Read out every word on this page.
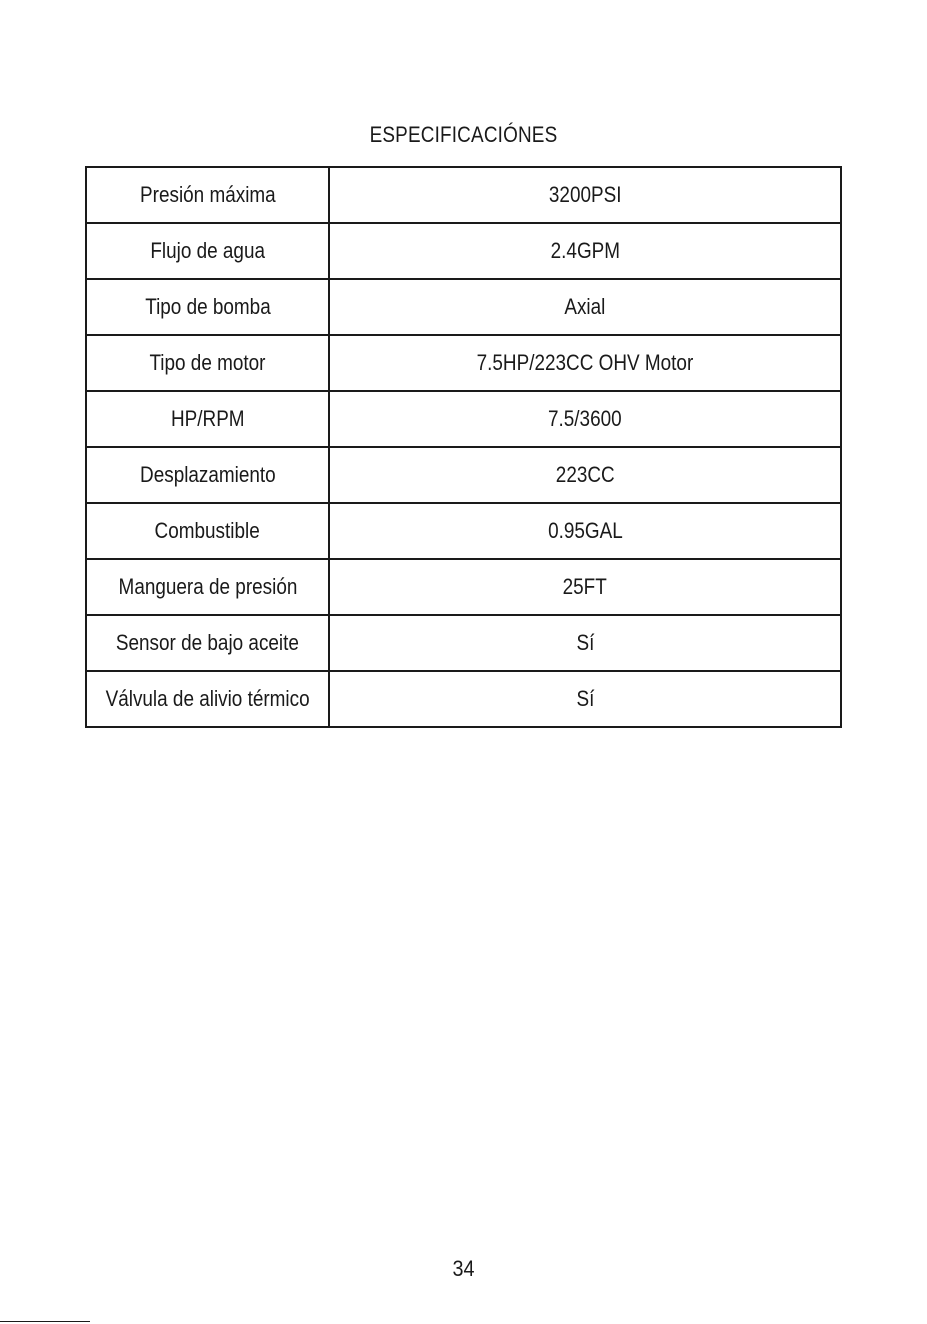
ESPECIFICACIÓNES
Presión máxima	3200PSI
Flujo de agua	2.4GPM
Tipo de bomba	Axial
Tipo de motor	7.5HP/223CC OHV Motor
HP/RPM	7.5/3600
Desplazamiento	223CC
Combustible	0.95GAL
Manguera de presión	25FT
Sensor de bajo aceite	Sí
Válvula de alivio térmico	Sí
34
